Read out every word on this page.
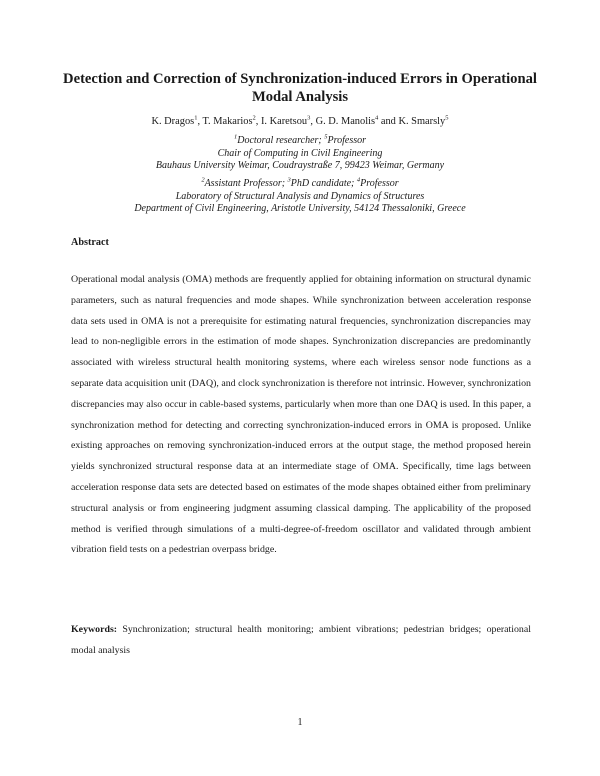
Detection and Correction of Synchronization-induced Errors in Operational Modal Analysis
K. Dragos$^1$, T. Makarios$^2$, I. Karetsou$^3$, G. D. Manolis$^4$ and K. Smarsly$^5$
$^1$Doctoral researcher; $^5$Professor
Chair of Computing in Civil Engineering
Bauhaus University Weimar, Coudraystraße 7, 99423 Weimar, Germany
$^2$Assistant Professor; $^3$PhD candidate; $^4$Professor
Laboratory of Structural Analysis and Dynamics of Structures
Department of Civil Engineering, Aristotle University, 54124 Thessaloniki, Greece
Abstract

Operational modal analysis (OMA) methods are frequently applied for obtaining information on structural dynamic parameters, such as natural frequencies and mode shapes. While synchronization between acceleration response data sets used in OMA is not a prerequisite for estimating natural frequencies, synchronization discrepancies may lead to non-negligible errors in the estimation of mode shapes. Synchronization discrepancies are predominantly associated with wireless structural health monitoring systems, where each wireless sensor node functions as a separate data acquisition unit (DAQ), and clock synchronization is therefore not intrinsic. However, synchronization discrepancies may also occur in cable-based systems, particularly when more than one DAQ is used. In this paper, a synchronization method for detecting and correcting synchronization-induced errors in OMA is proposed. Unlike existing approaches on removing synchronization-induced errors at the output stage, the method proposed herein yields synchronized structural response data at an intermediate stage of OMA. Specifically, time lags between acceleration response data sets are detected based on estimates of the mode shapes obtained either from preliminary structural analysis or from engineering judgment assuming classical damping. The applicability of the proposed method is verified through simulations of a multi-degree-of-freedom oscillator and validated through ambient vibration field tests on a pedestrian overpass bridge.

Keywords: Synchronization; structural health monitoring; ambient vibrations; pedestrian bridges; operational modal analysis

1
